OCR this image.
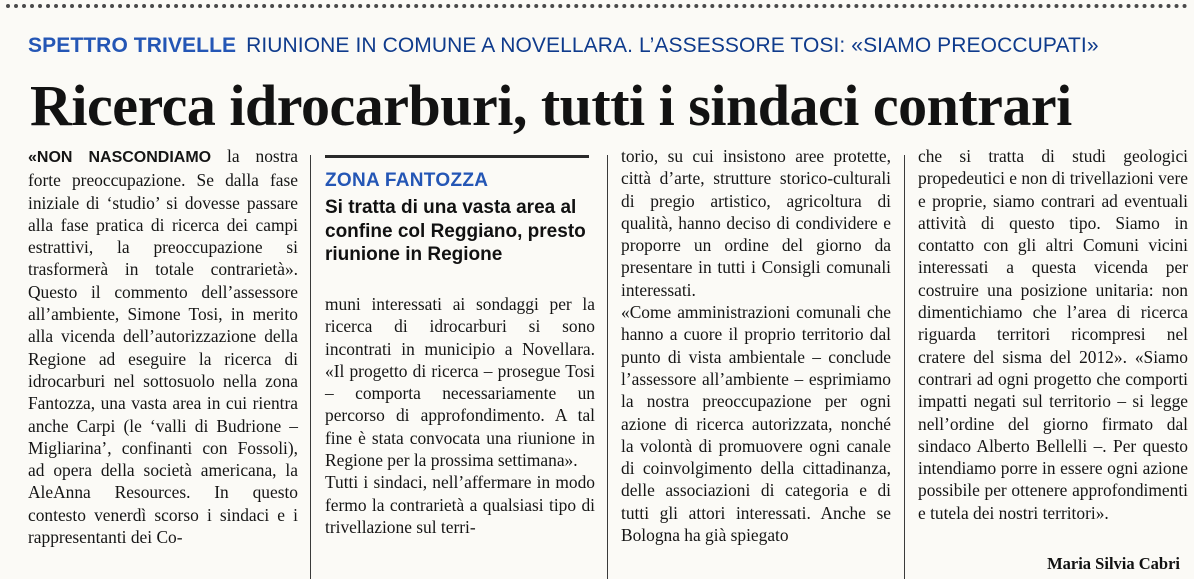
SPETTRO TRIVELLE RIUNIONE IN COMUNE A NOVELLARA. L’ASSESSORE TOSI: «SIAMO PREOCCUPATI»
Ricerca idrocarburi, tutti i sindaci contrari

«NON NASCONDIAMO la nostra forte preoccupazione. Se dalla fase iniziale di ‘studio’ si dovesse passare alla fase pratica di ricerca dei campi estrattivi, la preoccupazione si trasformerà in totale contrarietà». Questo il commento dell’assessore all’ambiente, Simone Tosi, in merito alla vicenda dell’autorizzazione della Regione ad eseguire la ricerca di idrocarburi nel sottosuolo nella zona Fantozza, una vasta area in cui rientra anche Carpi (le ‘valli di Budrione – Migliarina’, confinanti con Fossoli), ad opera della società americana, la AleAnna Resources. In questo contesto venerdì scorso i sindaci e i rappresentanti dei Co-

ZONA FANTOZZA

Si tratta di una vasta area al confine col Reggiano, presto riunione in Regione

muni interessati ai sondaggi per la ricerca di idrocarburi si sono incontrati in municipio a Novellara. «Il progetto di ricerca – prosegue Tosi – comporta necessariamente un percorso di approfondimento. A tal fine è stata convocata una riunione in Regione per la prossima settimana».

Tutti i sindaci, nell’affermare in modo fermo la contrarietà a qualsiasi tipo di trivellazione sul terri-

torio, su cui insistono aree protette, città d’arte, strutture storico-culturali di pregio artistico, agricoltura di qualità, hanno deciso di condividere e proporre un ordine del giorno da presentare in tutti i Consigli comunali interessati.

«Come amministrazioni comunali che hanno a cuore il proprio territorio dal punto di vista ambientale – conclude l’assessore all’ambiente – esprimiamo la nostra preoccupazione per ogni azione di ricerca autorizzata, nonché la volontà di promuovere ogni canale di coinvolgimento della cittadinanza, delle associazioni di categoria e di tutti gli attori interessati. Anche se Bologna ha già spiegato

che si tratta di studi geologici propedeutici e non di trivellazioni vere e proprie, siamo contrari ad eventuali attività di questo tipo. Siamo in contatto con gli altri Comuni vicini interessati a questa vicenda per costruire una posizione unitaria: non dimentichiamo che l’area di ricerca riguarda territori ricompresi nel cratere del sisma del 2012». «Siamo contrari ad ogni progetto che comporti impatti negati sul territorio – si legge nell’ordine del giorno firmato dal sindaco Alberto Bellelli –. Per questo intendiamo porre in essere ogni azione possibile per ottenere approfondimenti e tutela dei nostri territori».

Maria Silvia Cabri
